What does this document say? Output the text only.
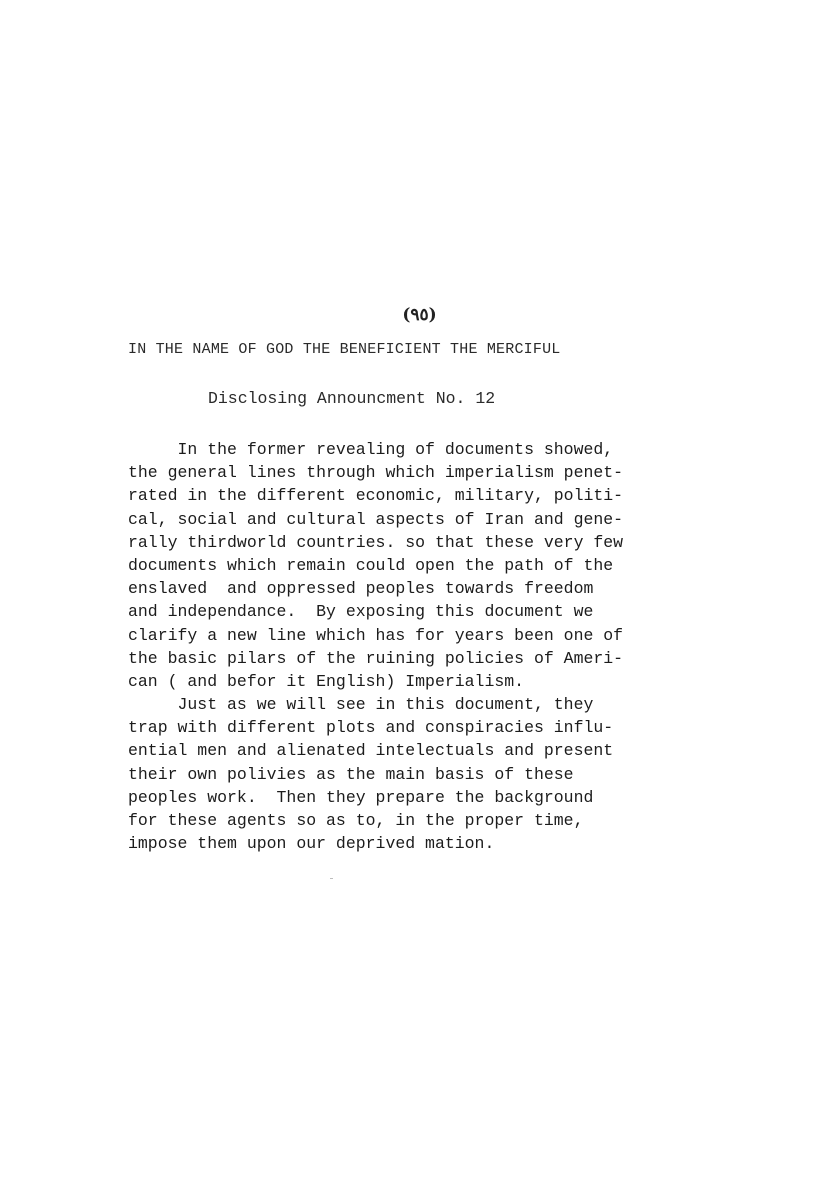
(٩٥)
IN THE NAME OF GOD THE BENEFICIENT THE MERCIFUL
Disclosing Announcment No. 12
In the former revealing of documents showed,
the general lines through which imperialism penet-
rated in the different economic, military, politi-
cal, social and cultural aspects of Iran and gene-
rally thirdworld countries. so that these very few
documents which remain could open the path of the
enslaved  and oppressed peoples towards freedom
and independance.  By exposing this document we
clarify a new line which has for years been one of
the basic pilars of the ruining policies of Ameri-
can ( and befor it English) Imperialism.
Just as we will see in this document, they
trap with different plots and conspiracies influ-
ential men and alienated intelectuals and present
their own polivies as the main basis of these
peoples work.  Then they prepare the background
for these agents so as to, in the proper time,
impose them upon our deprived mation.
